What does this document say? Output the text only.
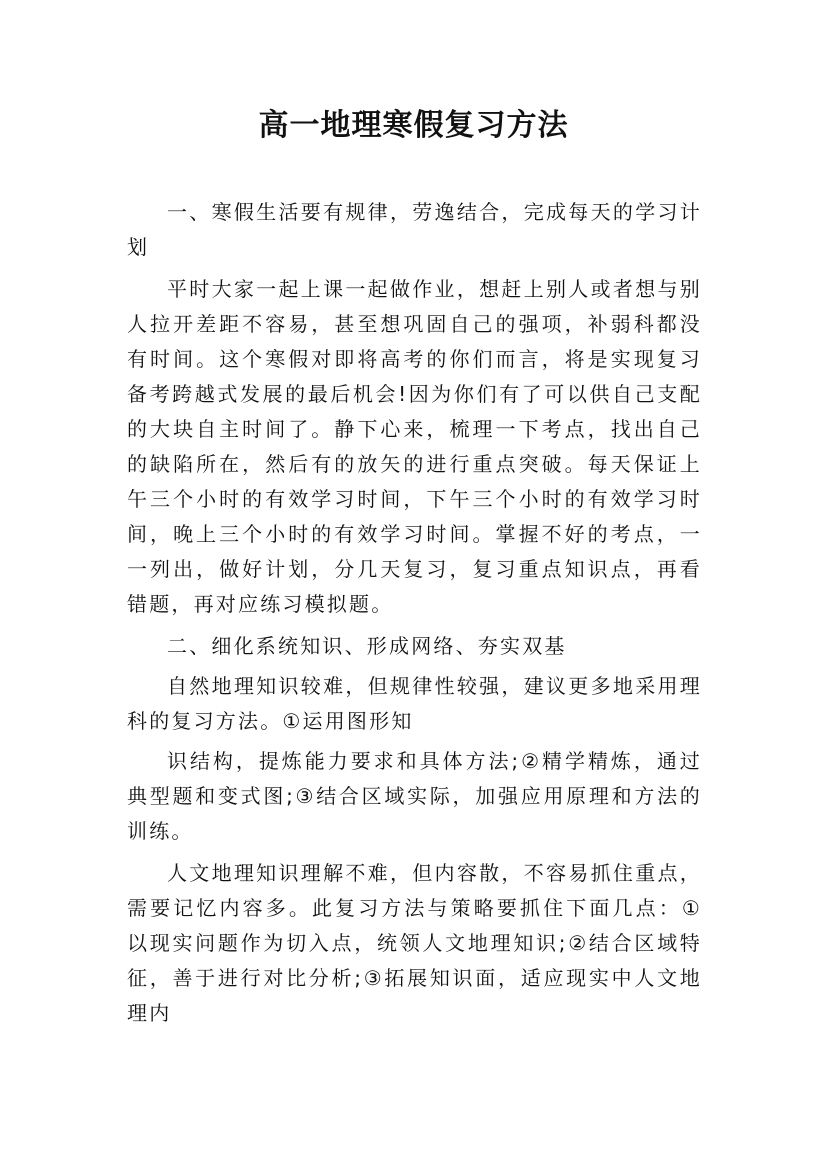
高一地理寒假复习方法

一、寒假生活要有规律，劳逸结合，完成每天的学习计划

平时大家一起上课一起做作业，想赶上别人或者想与别人拉开差距不容易，甚至想巩固自己的强项，补弱科都没有时间。这个寒假对即将高考的你们而言，将是实现复习备考跨越式发展的最后机会!因为你们有了可以供自己支配的大块自主时间了。静下心来，梳理一下考点，找出自己的缺陷所在，然后有的放矢的进行重点突破。每天保证上午三个小时的有效学习时间，下午三个小时的有效学习时间，晚上三个小时的有效学习时间。掌握不好的考点，一一列出，做好计划，分几天复习，复习重点知识点，再看错题，再对应练习模拟题。

二、细化系统知识、形成网络、夯实双基

自然地理知识较难，但规律性较强，建议更多地采用理科的复习方法。①运用图形知

识结构，提炼能力要求和具体方法;②精学精炼，通过典型题和变式图;③结合区域实际，加强应用原理和方法的训练。

人文地理知识理解不难，但内容散，不容易抓住重点，需要记忆内容多。此复习方法与策略要抓住下面几点：①以现实问题作为切入点，统领人文地理知识;②结合区域特征，善于进行对比分析;③拓展知识面，适应现实中人文地理内
